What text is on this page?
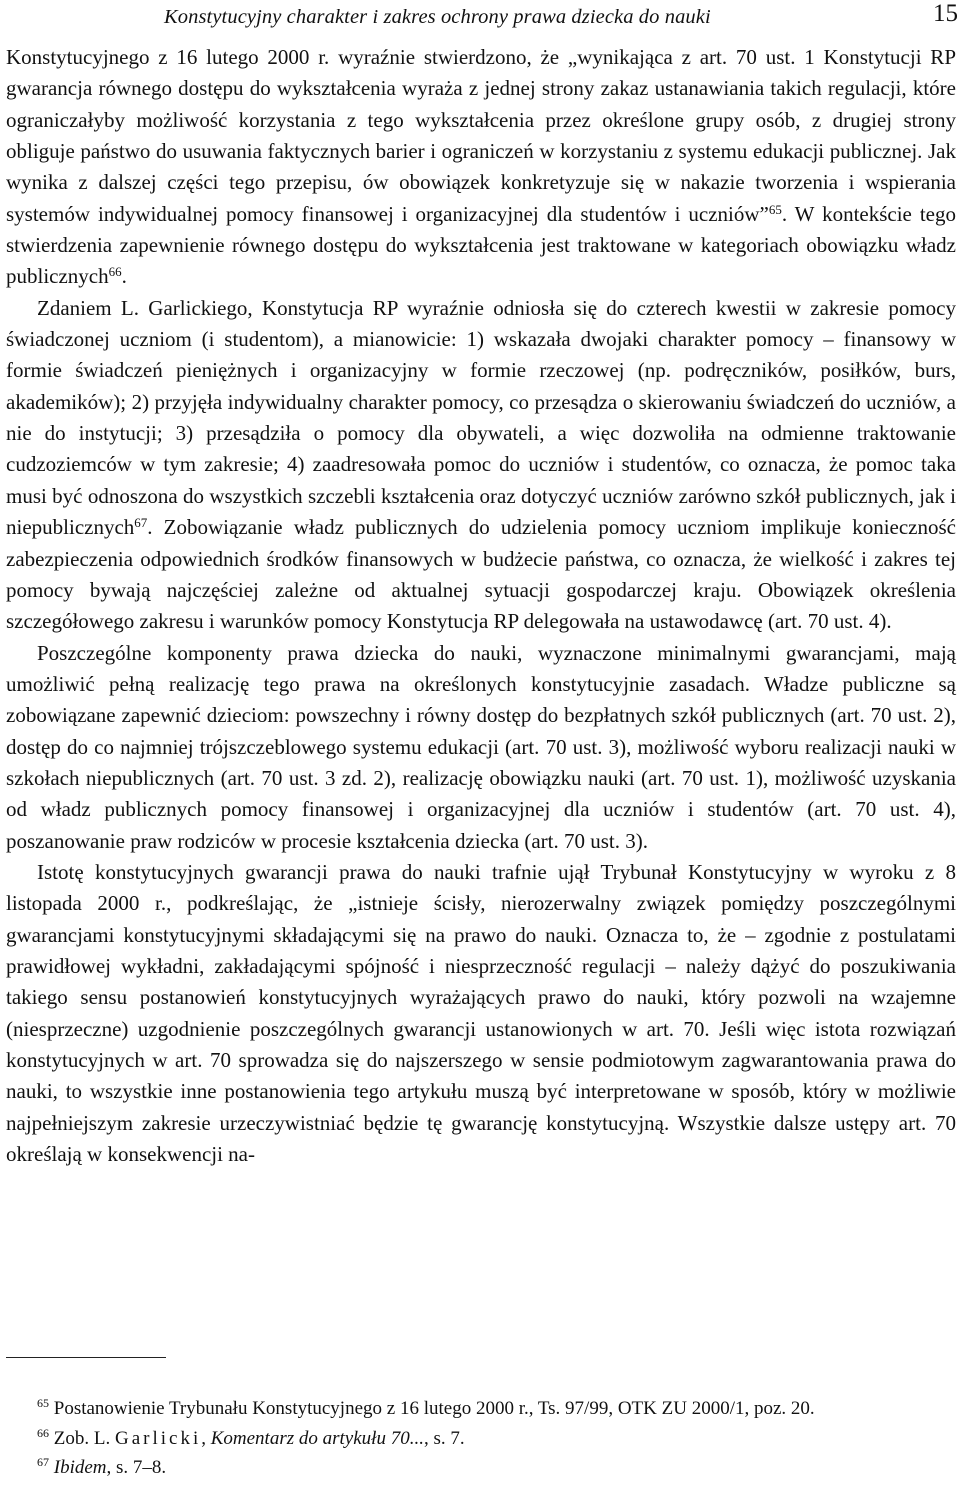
Konstytucyjny charakter i zakres ochrony prawa dziecka do nauki	15

Konstytucyjnego z 16 lutego 2000 r. wyraźnie stwierdzono, że „wynikająca z art. 70 ust. 1 Konstytucji RP gwarancja równego dostępu do wykształcenia wyraża z jednej strony zakaz ustanawiania takich regulacji, które ograniczałyby możliwość korzystania z tego wykształcenia przez określone grupy osób, z drugiej strony obliguje państwo do usuwania faktycznych barier i ograniczeń w korzystaniu z systemu edukacji publicznej. Jak wynika z dalszej części tego przepisu, ów obowiązek konkretyzuje się w nakazie tworzenia i wspierania systemów indywidualnej pomocy finansowej i organizacyjnej dla studentów i uczniów”$^{65}$. W kontekście tego stwierdzenia zapewnienie równego dostępu do wykształcenia jest traktowane w kategoriach obowiązku władz publicznych$^{66}$.

Zdaniem L. Garlickiego, Konstytucja RP wyraźnie odniosła się do czterech kwestii w zakresie pomocy świadczonej uczniom (i studentom), a mianowicie: 1) wskazała dwojaki charakter pomocy – finansowy w formie świadczeń pieniężnych i organizacyjny w formie rzeczowej (np. podręczników, posiłków, burs, akademików); 2) przyjęła indywidualny charakter pomocy, co przesądza o skierowaniu świadczeń do uczniów, a nie do instytucji; 3) przesądziła o pomocy dla obywateli, a więc dozwoliła na odmienne traktowanie cudzoziemców w tym zakresie; 4) zaadresowała pomoc do uczniów i studentów, co oznacza, że pomoc taka musi być odnoszona do wszystkich szczebli kształcenia oraz dotyczyć uczniów zarówno szkół publicznych, jak i niepublicznych$^{67}$. Zobowiązanie władz publicznych do udzielenia pomocy uczniom implikuje konieczność zabezpieczenia odpowiednich środków finansowych w budżecie państwa, co oznacza, że wielkość i zakres tej pomocy bywają najczęściej zależne od aktualnej sytuacji gospodarczej kraju. Obowiązek określenia szczegółowego zakresu i warunków pomocy Konstytucja RP delegowała na ustawodawcę (art. 70 ust. 4).

Poszczególne komponenty prawa dziecka do nauki, wyznaczone minimalnymi gwarancjami, mają umożliwić pełną realizację tego prawa na określonych konstytucyjnie zasadach. Władze publiczne są zobowiązane zapewnić dzieciom: powszechny i równy dostęp do bezpłatnych szkół publicznych (art. 70 ust. 2), dostęp do co najmniej trójszczeblowego systemu edukacji (art. 70 ust. 3), możliwość wyboru realizacji nauki w szkołach niepublicznych (art. 70 ust. 3 zd. 2), realizację obowiązku nauki (art. 70 ust. 1), możliwość uzyskania od władz publicznych pomocy finansowej i organizacyjnej dla uczniów i studentów (art. 70 ust. 4), poszanowanie praw rodziców w procesie kształcenia dziecka (art. 70 ust. 3).

Istotę konstytucyjnych gwarancji prawa do nauki trafnie ujął Trybunał Konstytucyjny w wyroku z 8 listopada 2000 r., podkreślając, że „istnieje ścisły, nierozerwalny związek pomiędzy poszczególnymi gwarancjami konstytucyjnymi składającymi się na prawo do nauki. Oznacza to, że – zgodnie z postulatami prawidłowej wykładni, zakładającymi spójność i niesprzeczność regulacji – należy dążyć do poszukiwania takiego sensu postanowień konstytucyjnych wyrażających prawo do nauki, który pozwoli na wzajemne (niesprzeczne) uzgodnienie poszczególnych gwarancji ustanowionych w art. 70. Jeśli więc istota rozwiązań konstytucyjnych w art. 70 sprowadza się do najszerszego w sensie podmiotowym zagwarantowania prawa do nauki, to wszystkie inne postanowienia tego artykułu muszą być interpretowane w sposób, który w możliwie najpełniejszym zakresie urzeczywistniać będzie tę gwarancję konstytucyjną. Wszystkie dalsze ustępy art. 70 określają w konsekwencji na-

$^{65}$ Postanowienie Trybunału Konstytucyjnego z 16 lutego 2000 r., Ts. 97/99, OTK ZU 2000/1, poz. 20.

$^{66}$ Zob. L. Garlicki, Komentarz do artykułu 70..., s. 7.

$^{67}$ Ibidem, s. 7–8.
